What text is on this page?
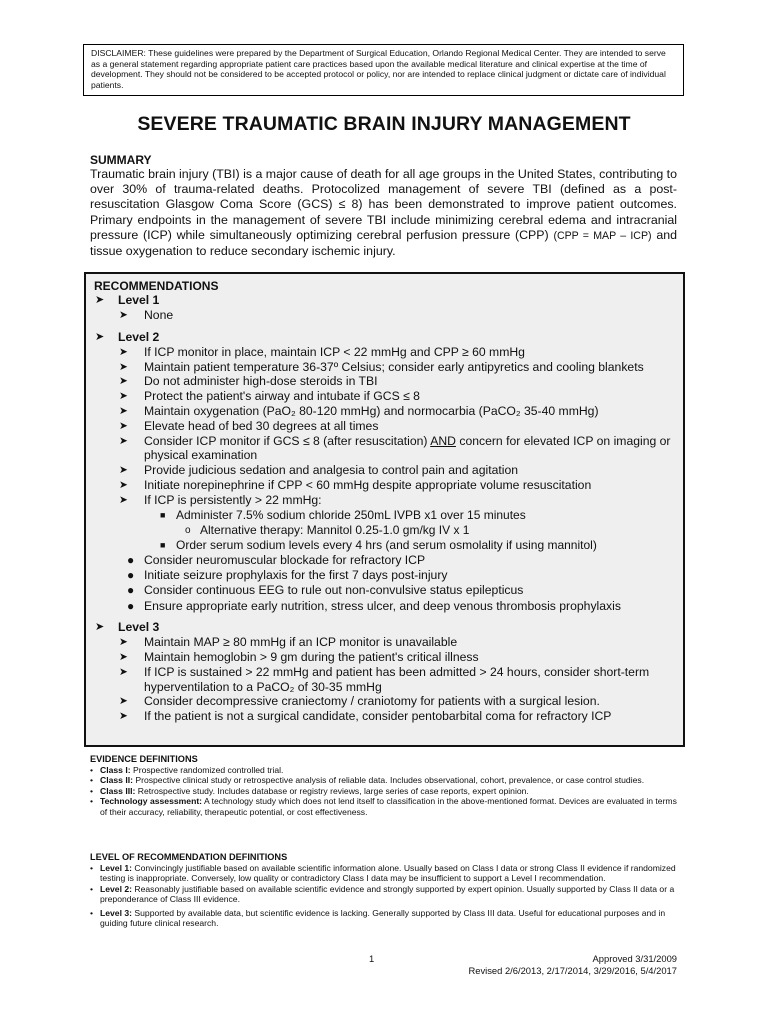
DISCLAIMER: These guidelines were prepared by the Department of Surgical Education, Orlando Regional Medical Center. They are intended to serve as a general statement regarding appropriate patient care practices based upon the available medical literature and clinical expertise at the time of development. They should not be considered to be accepted protocol or policy, nor are intended to replace clinical judgment or dictate care of individual patients.
SEVERE TRAUMATIC BRAIN INJURY MANAGEMENT
SUMMARY
Traumatic brain injury (TBI) is a major cause of death for all age groups in the United States, contributing to over 30% of trauma-related deaths. Protocolized management of severe TBI (defined as a post-resuscitation Glasgow Coma Score (GCS) ≤ 8) has been demonstrated to improve patient outcomes. Primary endpoints in the management of severe TBI include minimizing cerebral edema and intracranial pressure (ICP) while simultaneously optimizing cerebral perfusion pressure (CPP) (CPP = MAP – ICP) and tissue oxygenation to reduce secondary ischemic injury.
RECOMMENDATIONS
➤ Level 1
➤ None
➤ Level 2
➤ If ICP monitor in place, maintain ICP < 22 mmHg and CPP ≥ 60 mmHg
➤ Maintain patient temperature 36-37º Celsius; consider early antipyretics and cooling blankets
➤ Do not administer high-dose steroids in TBI
➤ Protect the patient's airway and intubate if GCS ≤ 8
➤ Maintain oxygenation (PaO₂ 80-120 mmHg) and normocarbia (PaCO₂ 35-40 mmHg)
➤ Elevate head of bed 30 degrees at all times
➤ Consider ICP monitor if GCS ≤ 8 (after resuscitation) AND concern for elevated ICP on imaging or physical examination
➤ Provide judicious sedation and analgesia to control pain and agitation
➤ Initiate norepinephrine if CPP < 60 mmHg despite appropriate volume resuscitation
➤ If ICP is persistently > 22 mmHg:
■ Administer 7.5% sodium chloride 250mL IVPB x1 over 15 minutes
o Alternative therapy: Mannitol 0.25-1.0 gm/kg IV x 1
■ Order serum sodium levels every 4 hrs (and serum osmolality if using mannitol)
● Consider neuromuscular blockade for refractory ICP
● Initiate seizure prophylaxis for the first 7 days post-injury
● Consider continuous EEG to rule out non-convulsive status epilepticus
● Ensure appropriate early nutrition, stress ulcer, and deep venous thrombosis prophylaxis
➤ Level 3
➤ Maintain MAP ≥ 80 mmHg if an ICP monitor is unavailable
➤ Maintain hemoglobin > 9 gm during the patient's critical illness
➤ If ICP is sustained > 22 mmHg and patient has been admitted > 24 hours, consider short-term hyperventilation to a PaCO₂ of 30-35 mmHg
➤ Consider decompressive craniectomy / craniotomy for patients with a surgical lesion.
➤ If the patient is not a surgical candidate, consider pentobarbital coma for refractory ICP
EVIDENCE DEFINITIONS
• Class I: Prospective randomized controlled trial.
• Class II: Prospective clinical study or retrospective analysis of reliable data. Includes observational, cohort, prevalence, or case control studies.
• Class III: Retrospective study. Includes database or registry reviews, large series of case reports, expert opinion.
• Technology assessment: A technology study which does not lend itself to classification in the above-mentioned format. Devices are evaluated in terms of their accuracy, reliability, therapeutic potential, or cost effectiveness.
LEVEL OF RECOMMENDATION DEFINITIONS
• Level 1: Convincingly justifiable based on available scientific information alone. Usually based on Class I data or strong Class II evidence if randomized testing is inappropriate. Conversely, low quality or contradictory Class I data may be insufficient to support a Level I recommendation.
• Level 2: Reasonably justifiable based on available scientific evidence and strongly supported by expert opinion. Usually supported by Class II data or a preponderance of Class III evidence.
• Level 3: Supported by available data, but scientific evidence is lacking. Generally supported by Class III data. Useful for educational purposes and in guiding future clinical research.
1	Approved 3/31/2009
Revised 2/6/2013, 2/17/2014, 3/29/2016, 5/4/2017
